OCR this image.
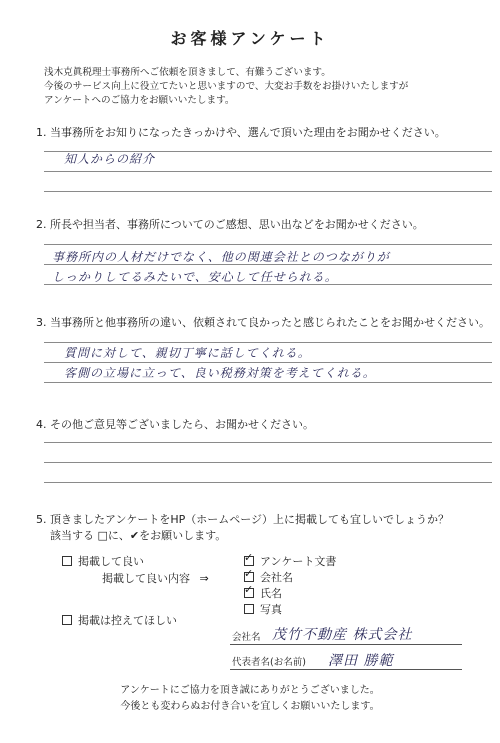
お客様アンケート
浅木克眞税理士事務所へご依頼を頂きまして、有難うございます。
今後のサービス向上に役立てたいと思いますので、大変お手数をお掛けいたしますが
アンケートへのご協力をお願いいたします。
1. 当事務所をお知りになったきっかけや、選んで頂いた理由をお聞かせください。
知人からの紹介
2. 所長や担当者、事務所についてのご感想、思い出などをお聞かせください。
事務所内の人材だけでなく、他の関連会社とのつながりが
しっかりしてるみたいで、安心して任せられる。
3. 当事務所と他事務所の違い、依頼されて良かったと感じられたことをお聞かせください。
質問に対して、親切丁寧に話してくれる。
客側の立場に立って、良い税務対策を考えてくれる。
4. その他ご意見等ございましたら、お聞かせください。
5. 頂きましたアンケートをHP（ホームページ）上に掲載しても宜しいでしょうか？
該当する □に、✔をお願いします。
掲載して良い
掲載して良い内容 ⇒
✓ アンケート文書
✓ 会社名
✓ 氏名
写真
掲載は控えてほしい
会社名 茂竹不動産 株式会社
代表者名(お名前) 澤田 勝範
アンケートにご協力を頂き誠にありがとうございました。
今後とも変わらぬお付き合いを宜しくお願いいたします。
